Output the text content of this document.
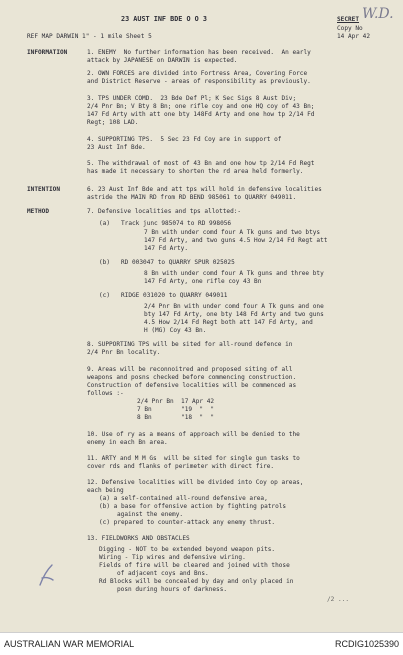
W.D.
23 AUST INF BDE O O 3	SECRET
Copy No
14 Apr 42
REF MAP DARWIN 1" - 1 mile Sheet 5
INFORMATION
INTENTION
METHOD
1. ENEMY  No further information has been received.  An early
attack by JAPANESE on DARWIN is expected.
2. OWN FORCES are divided into Fortress Area, Covering Force
and District Reserve - areas of responsibility as previously.
3. TPS UNDER COMD.  23 Bde Def Pl; K Sec Sigs 8 Aust Div;
2/4 Pnr Bn; V Bty 8 Bn; one rifle coy and one HQ coy of 43 Bn;
147 Fd Arty with att one bty 148Fd Arty and one how tp 2/14 Fd
Regt; 108 LAD.
4. SUPPORTING TPS.  5 Sec 23 Fd Coy are in support of
23 Aust Inf Bde.
5. The withdrawal of most of 43 Bn and one how tp 2/14 Fd Regt
has made it necessary to shorten the rd area held formerly.
6. 23 Aust Inf Bde and att tps will hold in defensive localities
astride the MAIN RD from RD BEND 985061 to QUARRY 049011.
7. Defensive localities and tps allotted:-
(a)   Track junc 985074 to RD 998056
7 Bn with under comd four A Tk guns and two btys
147 Fd Arty, and two guns 4.5 How 2/14 Fd Regt att
147 Fd Arty.
(b)   RD 003047 to QUARRY SPUR 025025
8 Bn with under comd four A Tk guns and three bty
147 Fd Arty, one rifle coy 43 Bn
(c)   RIDGE 031020 to QUARRY 049011
2/4 Pnr Bn with under comd four A Tk guns and one
bty 147 Fd Arty, one bty 148 Fd Arty and two guns
4.5 How 2/14 Fd Regt both att 147 Fd Arty, and
H (MG) Coy 43 Bn.
8. SUPPORTING TPS will be sited for all-round defence in
2/4 Pnr Bn locality.
9. Areas will be reconnoitred and proposed siting of all
weapons and posns checked before commencing construction.
Construction of defensive localities will be commenced as
follows :-
2/4 Pnr Bn  17 Apr 42
7 Bn        "19  "  "
8 Bn        "18  "  "
10. Use of ry as a means of approach will be denied to the
enemy in each Bn area.
11. ARTY and M M Gs  will be sited for single gun tasks to
cover rds and flanks of perimeter with direct fire.
12. Defensive localities will be divided into Coy op areas,
each being
(a) a self-contained all-round defensive area,
(b) a base for offensive action by fighting patrols
against the enemy.
(c) prepared to counter-attack any enemy thrust.
13. FIELDWORKS AND OBSTACLES
Digging - NOT to be extended beyond weapon pits.
Wiring - Tip wires and defensive wiring.
Fields of fire will be cleared and joined with those
of adjacent coys and Bns.
Rd Blocks will be concealed by day and only placed in
posn during hours of darkness.
/2 ...
AUSTRALIAN WAR MEMORIAL	RCDIG1025390
